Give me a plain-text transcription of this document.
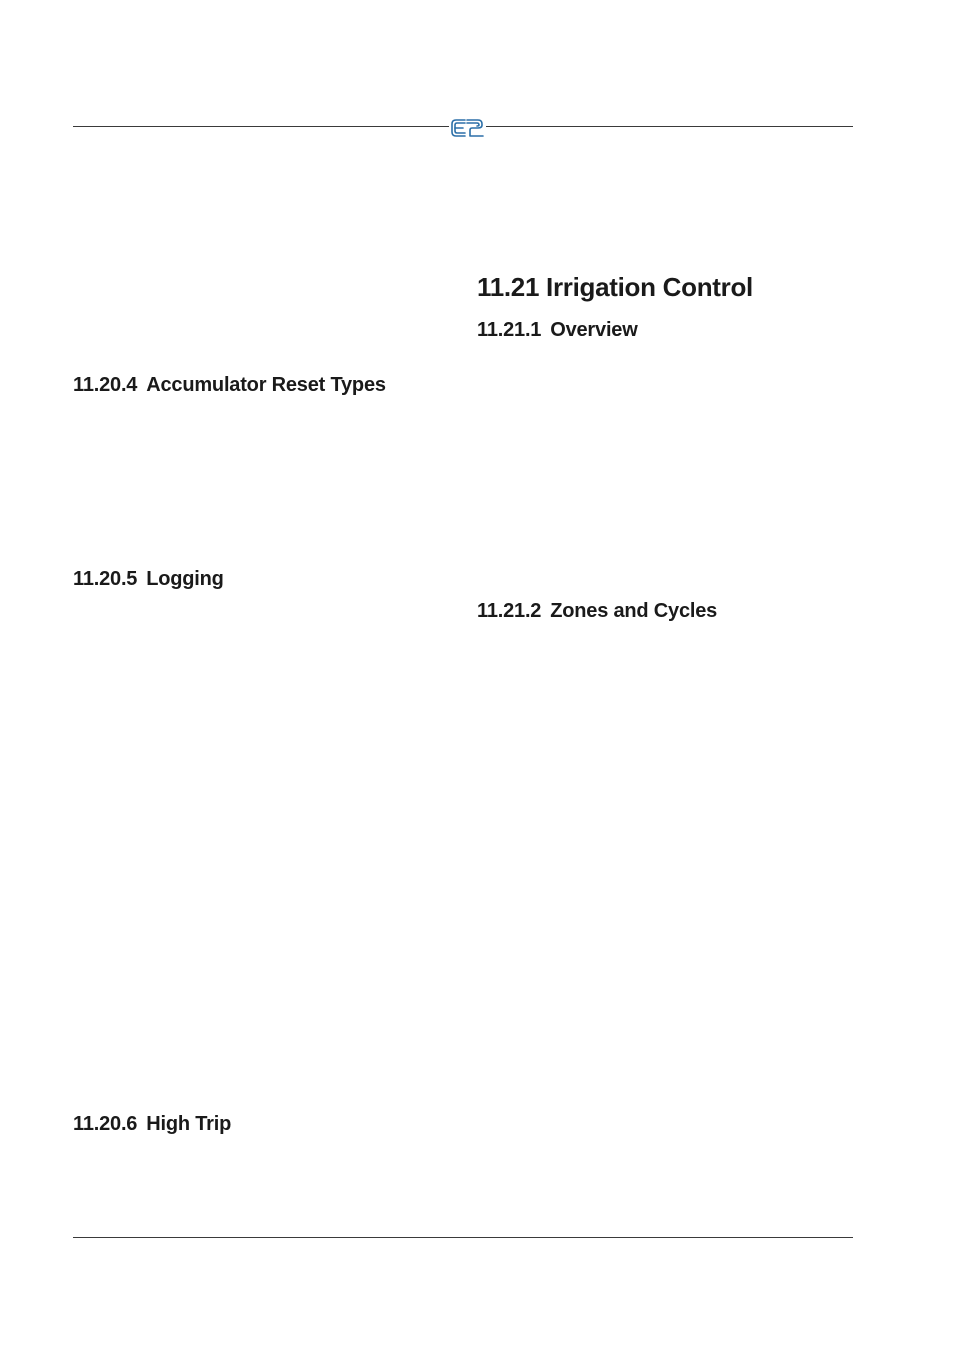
11.21 Irrigation Control
11.21.1 Overview
11.20.4 Accumulator Reset Types
11.20.5 Logging
11.21.2 Zones and Cycles
11.20.6 High Trip
